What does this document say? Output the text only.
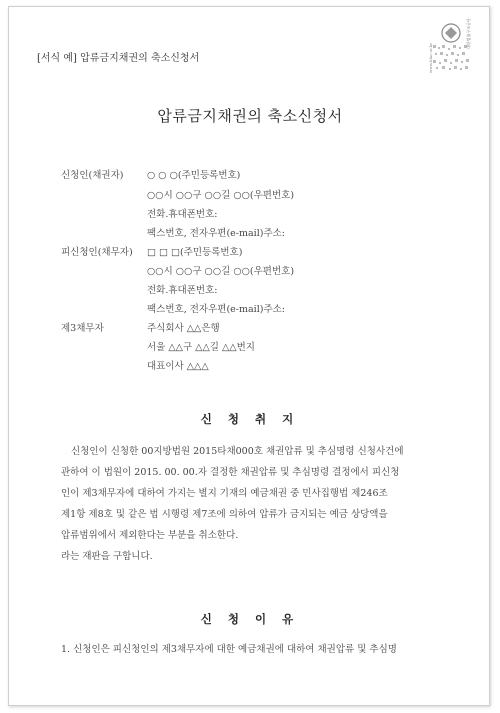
[서식 예] 압류금지채권의 축소신청서
대한법률구조공단
www.klac.or.kr
압류금지채권의 축소신청서
신청인(채권자) ○ ○ ○(주민등록번호)
○○시 ○○구 ○○길 ○○(우편번호)
전화.휴대폰번호:
팩스번호, 전자우편(e-mail)주소:
피신청인(채무자) □ □ □(주민등록번호)
○○시 ○○구 ○○길 ○○(우편번호)
전화.휴대폰번호:
팩스번호, 전자우편(e-mail)주소:
제3채무자	주식회사 △△은행
서울 △△구 △△길 △△번지
대표이사 △△△
신 청 취 지
신청인이 신청한 00지방법원 2015타채000호 채권압류 및 추심명령 신청사건에
관하여 이 법원이 2015. 00. 00.자 결정한 채권압류 및 추심명령 결정에서 피신청
인이 제3채무자에 대하여 가지는 별지 기재의 예금채권 중 민사집행법 제246조
제1항 제8호 및 같은 법 시행령 제7조에 의하여 압류가 금지되는 예금 상당액을
압류범위에서 제외한다는 부분을 취소한다.
라는 재판을 구합니다.
신 청 이 유
1. 신청인은 피신청인의 제3채무자에 대한 예금채권에 대하여 채권압류 및 추심명
